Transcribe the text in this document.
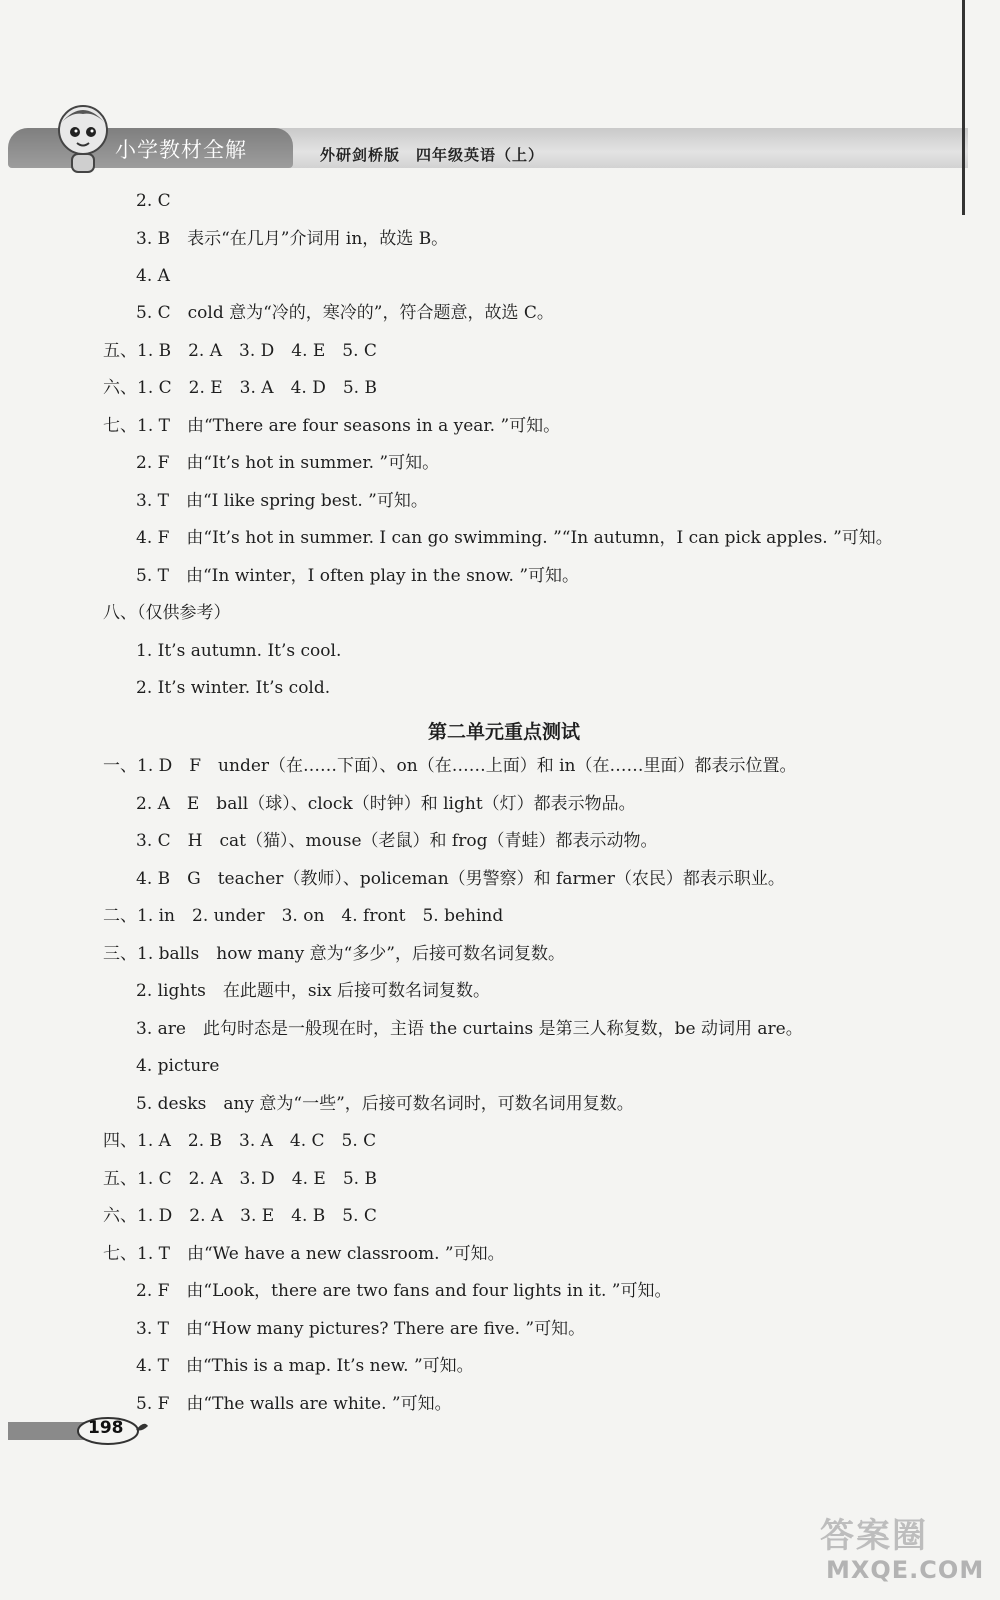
小学教材全解	外研剑桥版　四年级英语（上）
2. C
3. B　表示“在几月”介词用 in，故选 B。
4. A
5. C　cold 意为“冷的，寒冷的”，符合题意，故选 C。
五、1. B　2. A　3. D　4. E　5. C
六、1. C　2. E　3. A　4. D　5. B
七、1. T　由“There are four seasons in a year. ”可知。
2. F　由“It’s hot in summer. ”可知。
3. T　由“I like spring best. ”可知。
4. F　由“It’s hot in summer. I can go swimming. ”“In autumn，I can pick apples. ”可知。
5. T　由“In winter，I often play in the snow. ”可知。
八、（仅供参考）
1. It’s autumn. It’s cool.
2. It’s winter. It’s cold.
第二单元重点测试
一、1. D　F　under（在……下面）、on（在……上面）和 in（在……里面）都表示位置。
2. A　E　ball（球）、clock（时钟）和 light（灯）都表示物品。
3. C　H　cat（猫）、mouse（老鼠）和 frog（青蛙）都表示动物。
4. B　G　teacher（教师）、policeman（男警察）和 farmer（农民）都表示职业。
二、1. in　2. under　3. on　4. front　5. behind
三、1. balls　how many 意为“多少”，后接可数名词复数。
2. lights　在此题中，six 后接可数名词复数。
3. are　此句时态是一般现在时，主语 the curtains 是第三人称复数，be 动词用 are。
4. picture
5. desks　any 意为“一些”，后接可数名词时，可数名词用复数。
四、1. A　2. B　3. A　4. C　5. C
五、1. C　2. A　3. D　4. E　5. B
六、1. D　2. A　3. E　4. B　5. C
七、1. T　由“We have a new classroom. ”可知。
2. F　由“Look，there are two fans and four lights in it. ”可知。
3. T　由“How many pictures? There are five. ”可知。
4. T　由“This is a map. It’s new. ”可知。
5. F　由“The walls are white. ”可知。
198
答案圈
MXQE.COM
